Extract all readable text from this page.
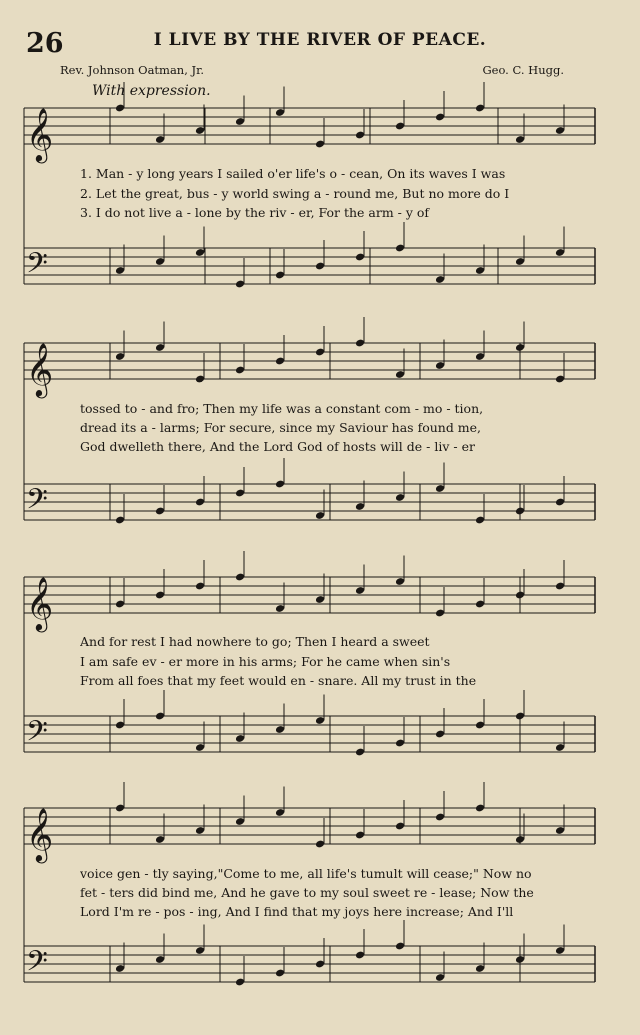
26	I LIVE BY THE RIVER OF PEACE.
Rev. Johnson Oatman, Jr.	Geo. C. Hugg.
With expression.
𝄞
𝄢
𝄞
𝄢
𝄞
𝄢
𝄞
𝄢
1. Man - y long years I sailed o'er life's o - cean, On its waves I was
2. Let the great, bus - y world swing a - round me, But no more do I
3. I do not live a - lone by the riv - er, For the arm - y of
tossed to - and fro; Then my life was a constant com - mo - tion,
dread its a - larms; For secure, since my Saviour has found me,
God dwelleth there, And the Lord God of hosts will de - liv - er
And for rest I had nowhere to go; Then I heard a sweet
I am safe ev - er more in his arms; For he came when sin's
From all foes that my feet would en - snare. All my trust in the
voice gen - tly saying,"Come to me, all life's tumult will cease;" Now no
fet - ters did bind me, And he gave to my soul sweet re - lease; Now the
Lord I'm re - pos - ing, And I find that my joys here increase; And I'll
